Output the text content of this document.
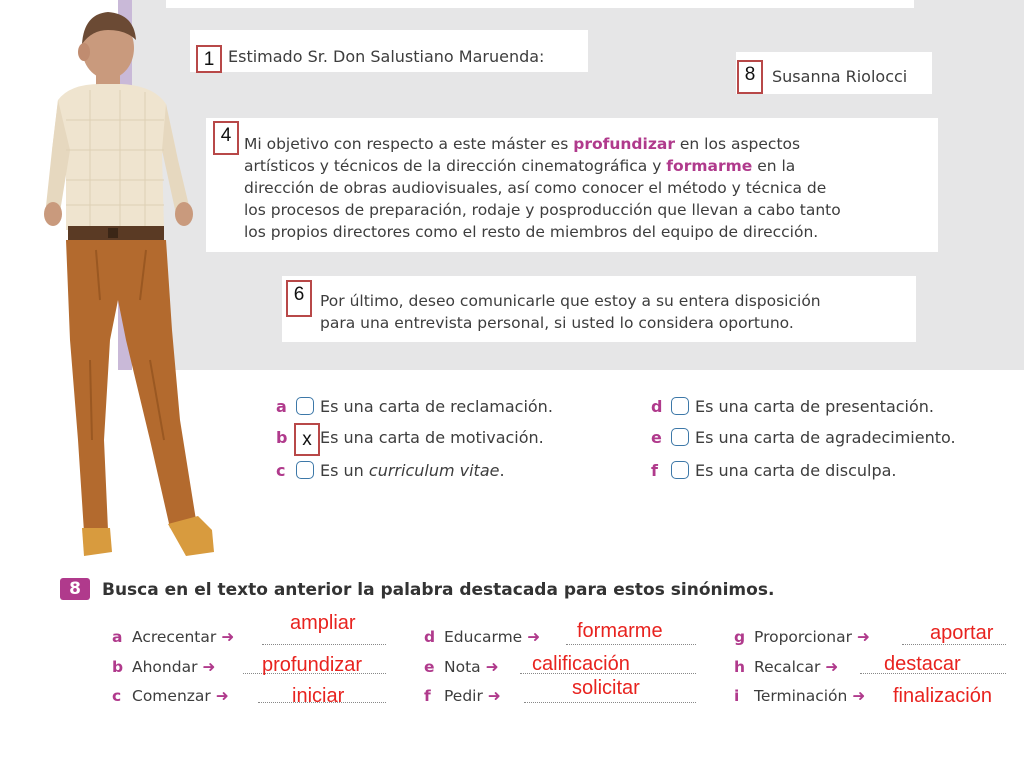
Estimado Sr. Don Salustiano Maruenda:
1
Susanna Riolocci
8
Mi objetivo con respecto a este máster es profundizar en los aspectos
artísticos y técnicos de la dirección cinematográfica y formarme en la
dirección de obras audiovisuales, así como conocer el método y técnica de
los procesos de preparación, rodaje y posproducción que llevan a cabo tanto
los propios directores como el resto de miembros del equipo de dirección.
4
Por último, deseo comunicarle que estoy a su entera disposición
para una entrevista personal, si usted lo considera oportuno.
6
a Es una carta de reclamación.
b Es una carta de motivación.
c Es un curriculum vitae.
d Es una carta de presentación.
e Es una carta de agradecimiento.
f Es una carta de disculpa.
x
8	Busca en el texto anterior la palabra destacada para estos sinónimos.
a Acrecentar ➜
b Ahondar ➜
c Comenzar ➜
d Educarme ➜
e Nota ➜
f Pedir ➜
g Proporcionar ➜
h Recalcar ➜
i Terminación ➜
ampliar
profundizar
iniciar
formarme
calificación
solicitar
aportar
destacar
finalización
